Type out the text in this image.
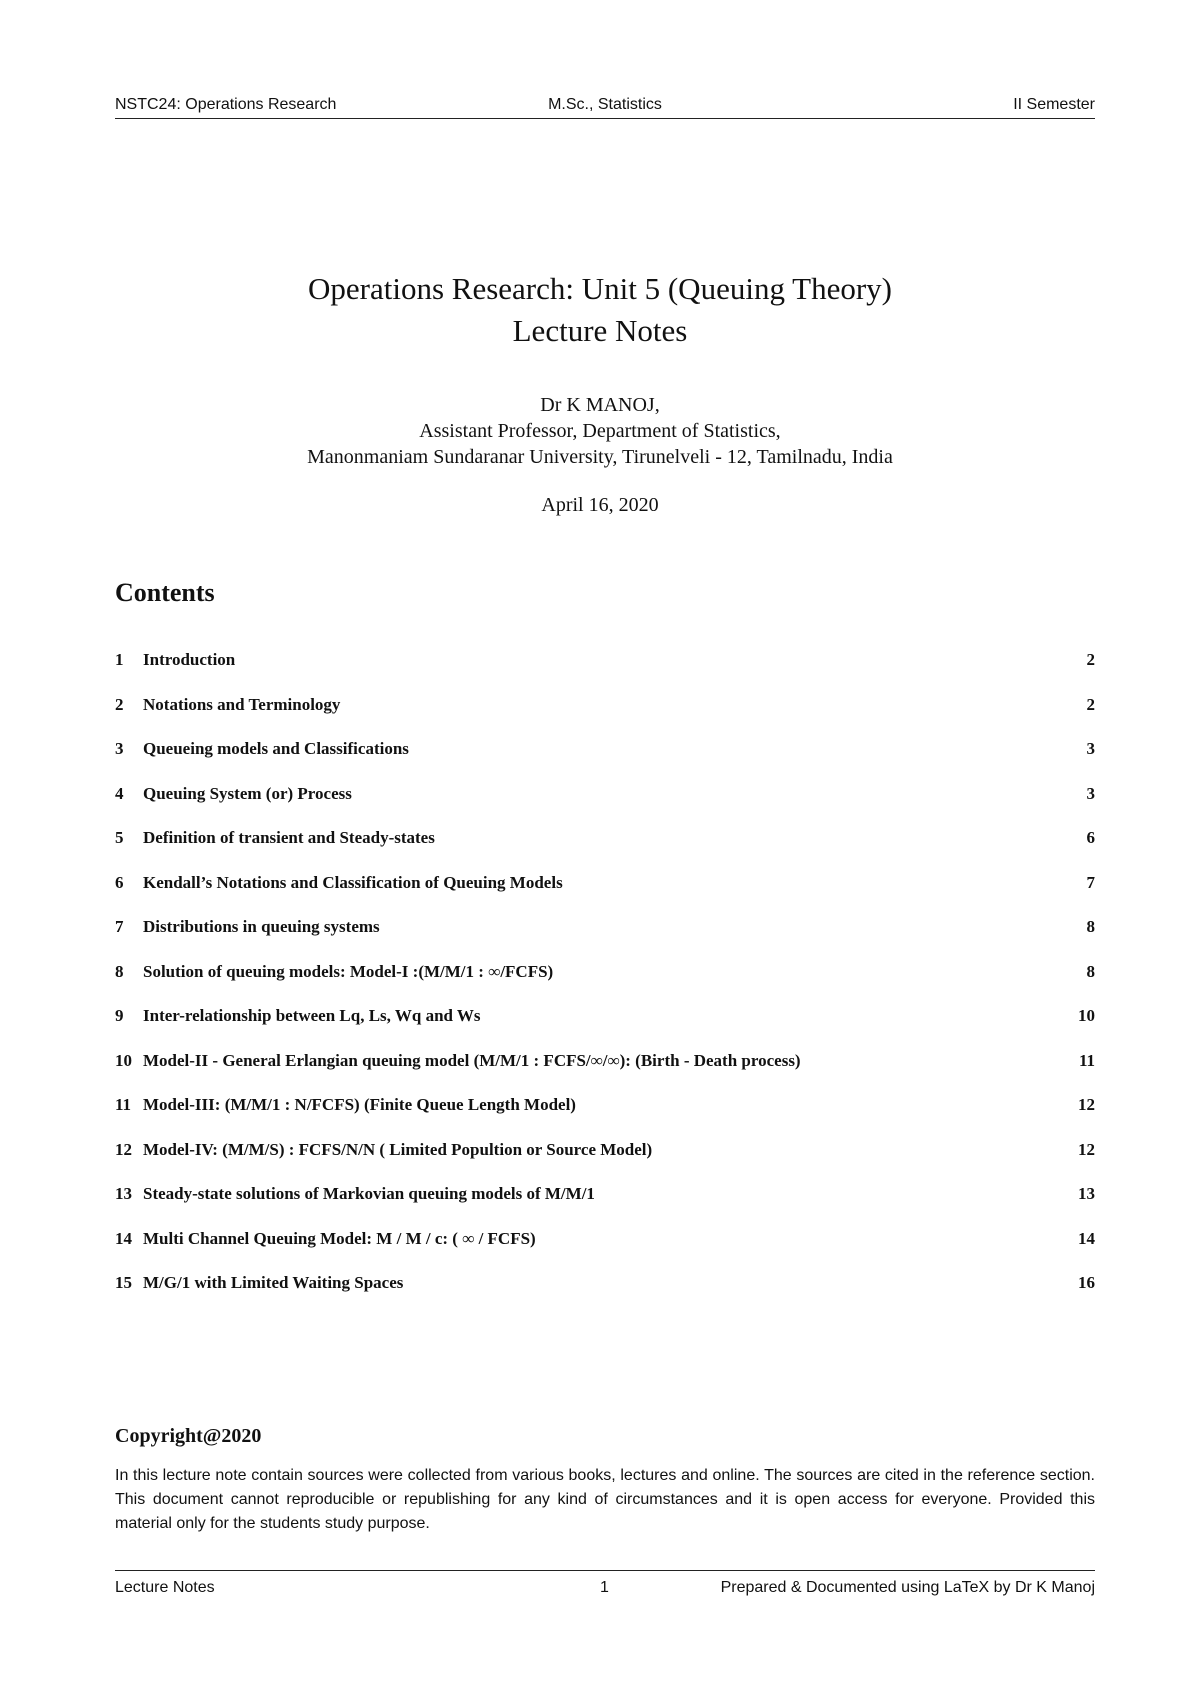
NSTC24: Operations Research	M.Sc., Statistics	II Semester
Operations Research: Unit 5 (Queuing Theory)
Lecture Notes
Dr K MANOJ,
Assistant Professor, Department of Statistics,
Manonmaniam Sundaranar University, Tirunelveli - 12, Tamilnadu, India
April 16, 2020
Contents
1	Introduction	2
2	Notations and Terminology	2
3	Queueing models and Classifications	3
4	Queuing System (or) Process	3
5	Definition of transient and Steady-states	6
6	Kendall’s Notations and Classification of Queuing Models	7
7	Distributions in queuing systems	8
8	Solution of queuing models: Model-I :(M/M/1 : ∞/FCFS)	8
9	Inter-relationship between Lq, Ls, Wq and Ws	10
10 Model-II - General Erlangian queuing model (M/M/1 : FCFS/∞/∞): (Birth - Death process)	11
11 Model-III: (M/M/1 : N/FCFS) (Finite Queue Length Model)	12
12 Model-IV: (M/M/S) : FCFS/N/N ( Limited Popultion or Source Model)	12
13 Steady-state solutions of Markovian queuing models of M/M/1	13
14 Multi Channel Queuing Model: M / M / c: ( ∞ / FCFS)	14
15 M/G/1 with Limited Waiting Spaces	16
Copyright@2020

In this lecture note contain sources were collected from various books, lectures and online. The sources are cited in the reference section. This document cannot reproducible or republishing for any kind of circumstances and it is open access for everyone. Provided this material only for the students study purpose.

Lecture Notes	1	Prepared & Documented using LaTeX by Dr K Manoj
